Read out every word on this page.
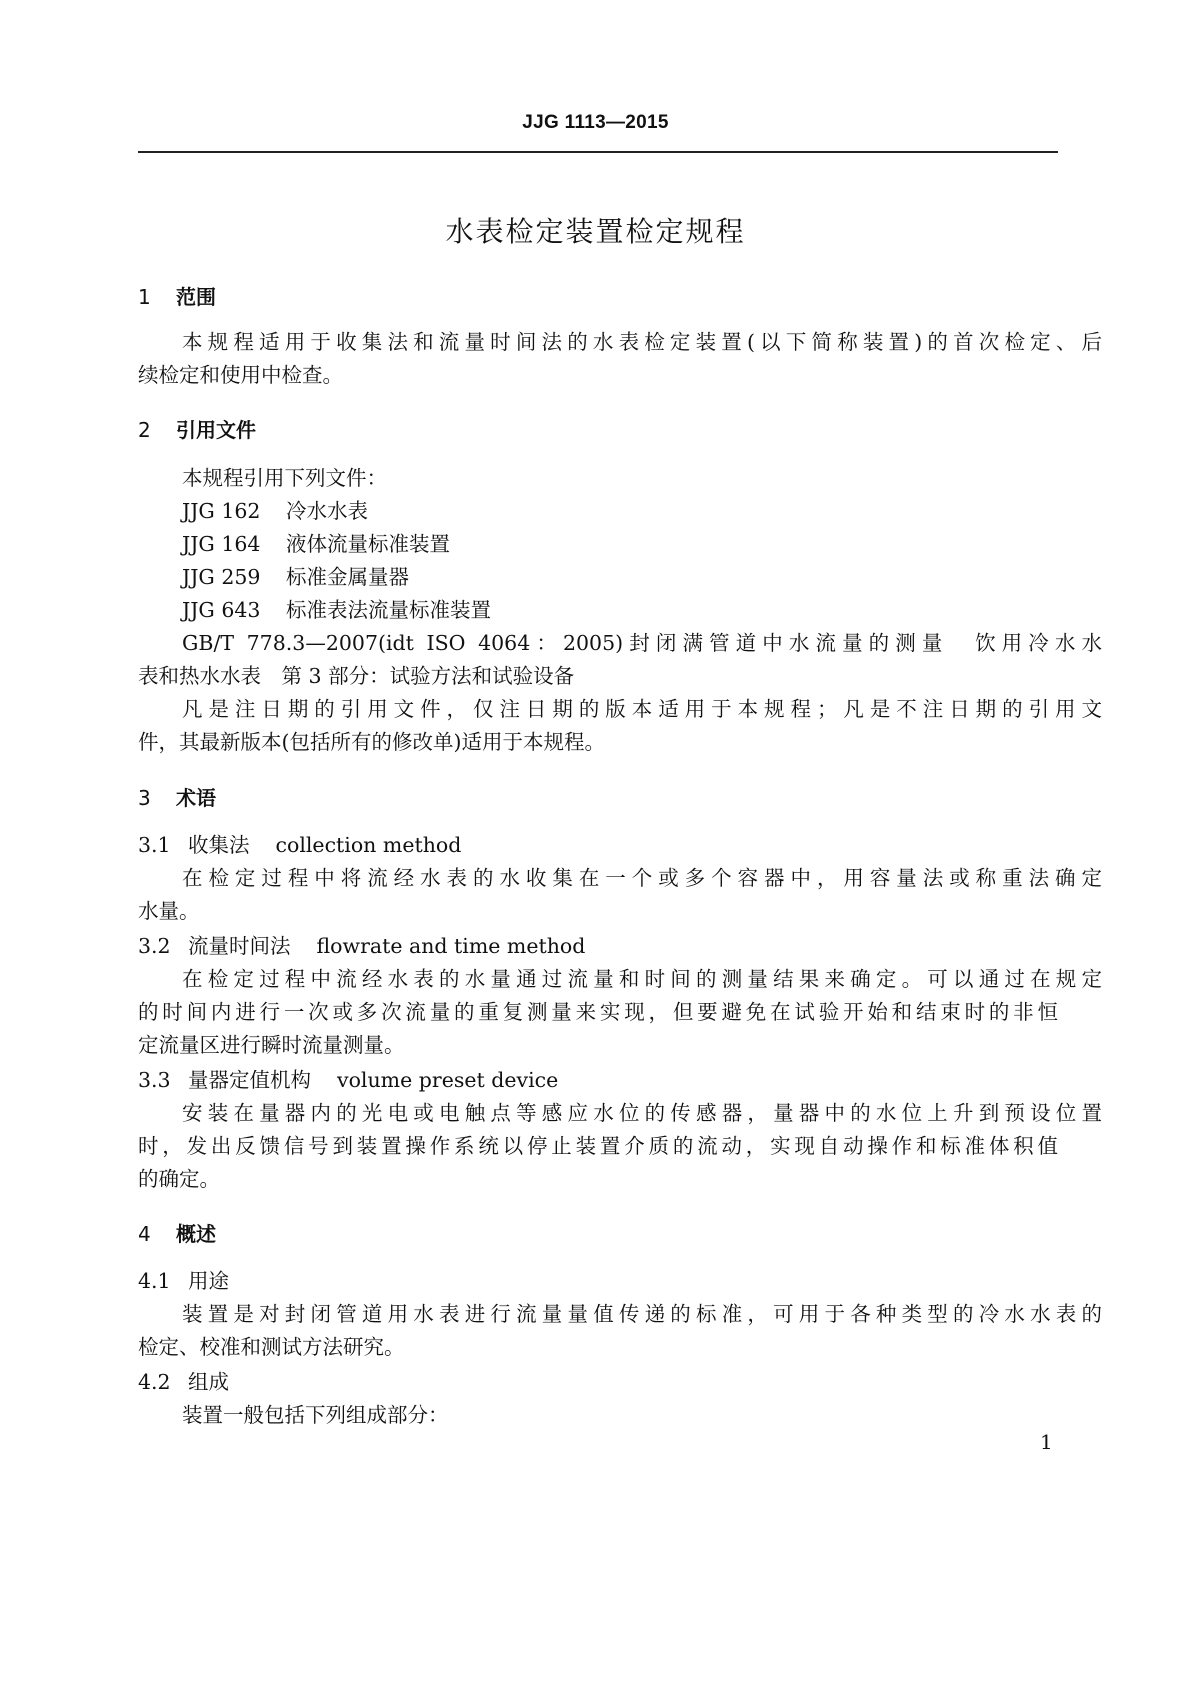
JJG 1113—2015
水表检定装置检定规程
1 范围
本规程适用于收集法和流量时间法的水表检定装置(以下简称装置)的首次检定、后
续检定和使用中检查。
2 引用文件
本规程引用下列文件：
JJG 162 冷水水表
JJG 164 液体流量标准装置
JJG 259 标准金属量器
JJG 643 标准表法流量标准装置
GB/T 778.3—2007(idt ISO 4064：2005)封闭满管道中水流量的测量　饮用冷水水
表和热水水表　第 3 部分：试验方法和试验设备
凡是注日期的引用文件，仅注日期的版本适用于本规程；凡是不注日期的引用文
件，其最新版本(包括所有的修改单)适用于本规程。
3 术语
3.1 收集法 collection method
在检定过程中将流经水表的水收集在一个或多个容器中，用容量法或称重法确定
水量。
3.2 流量时间法 flowrate and time method
在检定过程中流经水表的水量通过流量和时间的测量结果来确定。可以通过在规定
的时间内进行一次或多次流量的重复测量来实现，但要避免在试验开始和结束时的非恒
定流量区进行瞬时流量测量。
3.3 量器定值机构 volume preset device
安装在量器内的光电或电触点等感应水位的传感器，量器中的水位上升到预设位置
时，发出反馈信号到装置操作系统以停止装置介质的流动，实现自动操作和标准体积值
的确定。
4 概述
4.1 用途
装置是对封闭管道用水表进行流量量值传递的标准，可用于各种类型的冷水水表的
检定、校准和测试方法研究。
4.2 组成
装置一般包括下列组成部分：
1
